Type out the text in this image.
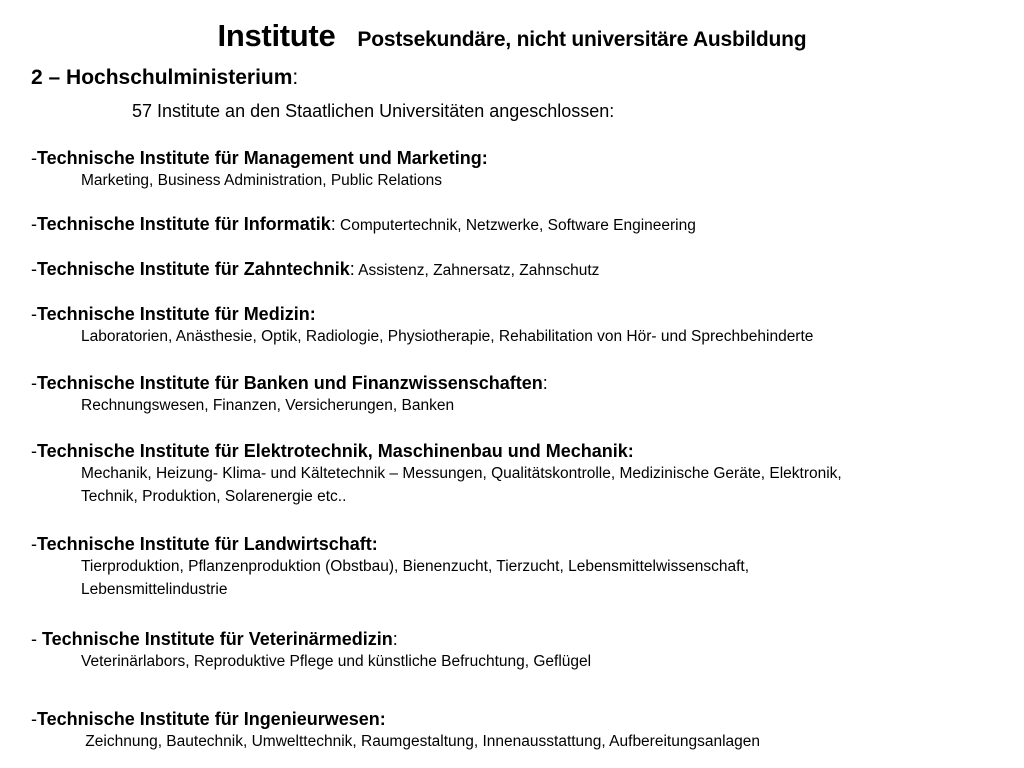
Institute Postsekundäre, nicht universitäre Ausbildung
2 – Hochschulministerium:
57 Institute an den Staatlichen Universitäten angeschlossen:
-Technische Institute für Management und Marketing:
Marketing, Business Administration, Public Relations
-Technische Institute für Informatik: Computertechnik, Netzwerke, Software Engineering
-Technische Institute für Zahntechnik: Assistenz, Zahnersatz, Zahnschutz
-Technische Institute für Medizin:
Laboratorien, Anästhesie, Optik, Radiologie, Physiotherapie, Rehabilitation von Hör- und Sprechbehinderte
-Technische Institute für Banken und Finanzwissenschaften:
Rechnungswesen, Finanzen, Versicherungen, Banken
-Technische Institute für Elektrotechnik, Maschinenbau und Mechanik:
Mechanik, Heizung- Klima- und Kältetechnik – Messungen, Qualitätskontrolle, Medizinische Geräte, Elektronik,
Technik, Produktion, Solarenergie etc..
-Technische Institute für Landwirtschaft:
Tierproduktion, Pflanzenproduktion (Obstbau), Bienenzucht, Tierzucht, Lebensmittelwissenschaft,
Lebensmittelindustrie
- Technische Institute für Veterinärmedizin:
Veterinärlabors, Reproduktive Pflege und künstliche Befruchtung, Geflügel
-Technische Institute für Ingenieurwesen:
Zeichnung, Bautechnik, Umwelttechnik, Raumgestaltung, Innenausstattung, Aufbereitungsanlagen
